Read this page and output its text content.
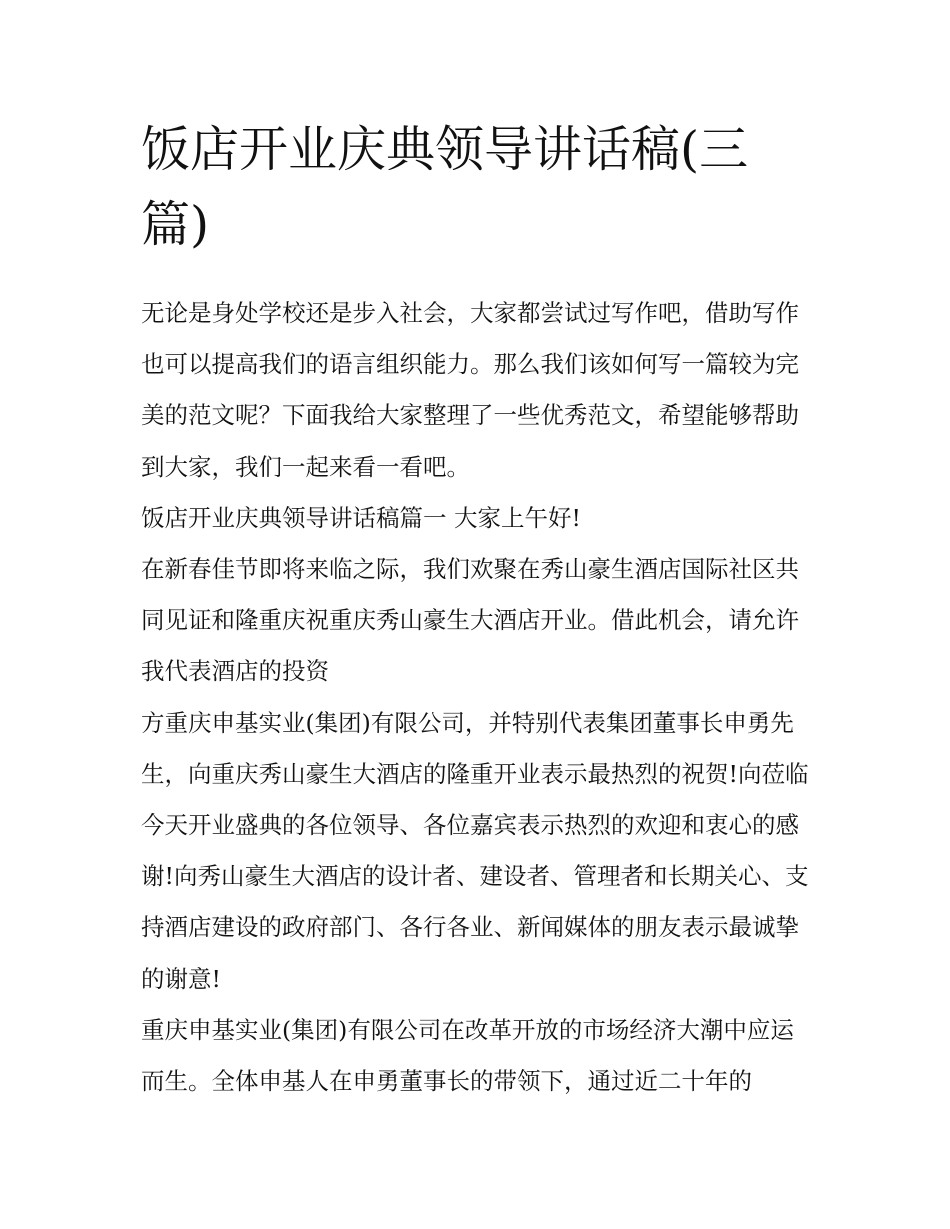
饭店开业庆典领导讲话稿(三篇)

无论是身处学校还是步入社会，大家都尝试过写作吧，借助写作也可以提高我们的语言组织能力。那么我们该如何写一篇较为完美的范文呢？下面我给大家整理了一些优秀范文，希望能够帮助到大家，我们一起来看一看吧。

饭店开业庆典领导讲话稿篇一 大家上午好!

在新春佳节即将来临之际，我们欢聚在秀山豪生酒店国际社区共同见证和隆重庆祝重庆秀山豪生大酒店开业。借此机会，请允许我代表酒店的投资

方重庆申基实业(集团)有限公司，并特别代表集团董事长申勇先生，向重庆秀山豪生大酒店的隆重开业表示最热烈的祝贺!向莅临今天开业盛典的各位领导、各位嘉宾表示热烈的欢迎和衷心的感谢!向秀山豪生大酒店的设计者、建设者、管理者和长期关心、支持酒店建设的政府部门、各行各业、新闻媒体的朋友表示最诚挚的谢意!

重庆申基实业(集团)有限公司在改革开放的市场经济大潮中应运而生。全体申基人在申勇董事长的带领下，通过近二十年的
